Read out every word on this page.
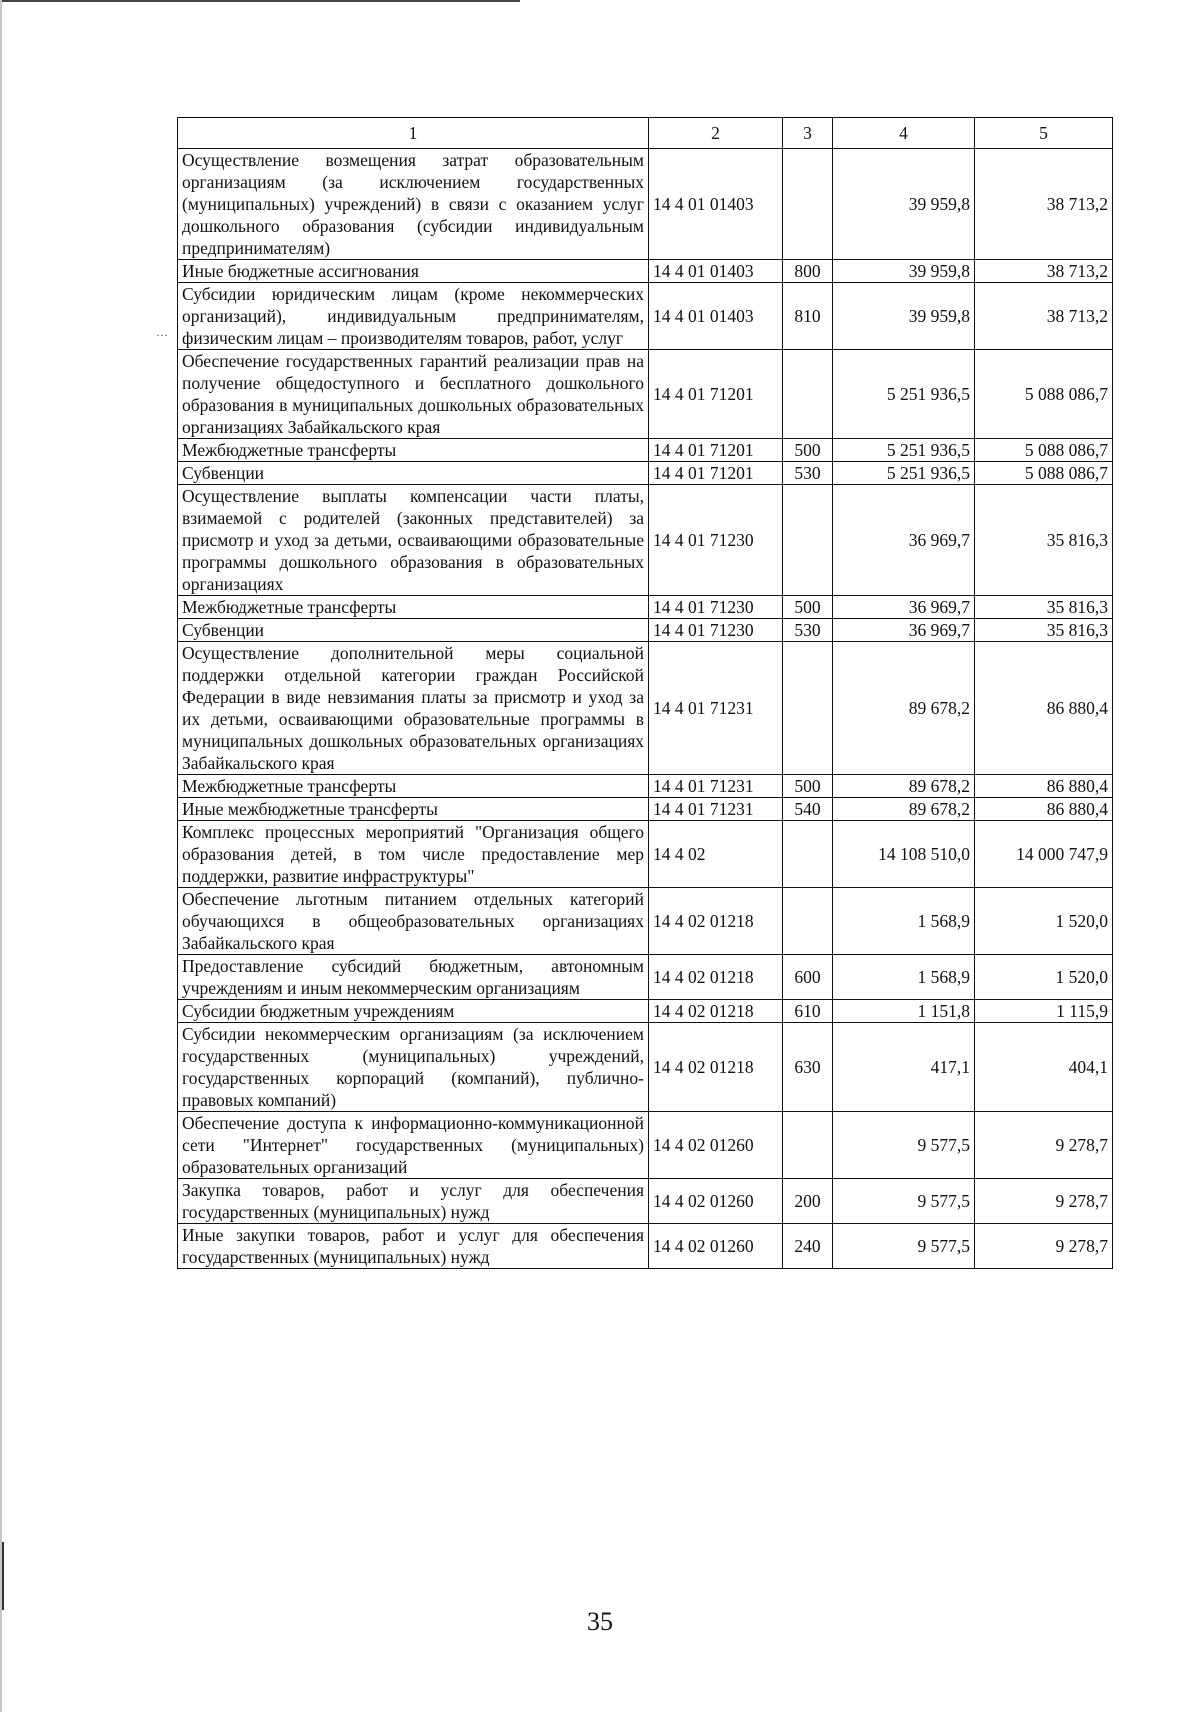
···
1	2	3	4	5
Осуществление возмещения затрат образовательным организациям (за исключением государственных (муниципальных) учреждений) в связи с оказанием услуг дошкольного образования (субсидии индивидуальным предпринимателям)	14 4 01 01403		39 959,8	38 713,2
Иные бюджетные ассигнования	14 4 01 01403	800	39 959,8	38 713,2
Субсидии юридическим лицам (кроме некоммерческих организаций), индивидуальным предпринимателям, физическим лицам – производителям товаров, работ, услуг	14 4 01 01403	810	39 959,8	38 713,2
Обеспечение государственных гарантий реализации прав на получение общедоступного и бесплатного дошкольного образования в муниципальных дошкольных образовательных организациях Забайкальского края	14 4 01 71201		5 251 936,5	5 088 086,7
Межбюджетные трансферты	14 4 01 71201	500	5 251 936,5	5 088 086,7
Субвенции	14 4 01 71201	530	5 251 936,5	5 088 086,7
Осуществление выплаты компенсации части платы, взимаемой с родителей (законных представителей) за присмотр и уход за детьми, осваивающими образовательные программы дошкольного образования в образовательных организациях	14 4 01 71230		36 969,7	35 816,3
Межбюджетные трансферты	14 4 01 71230	500	36 969,7	35 816,3
Субвенции	14 4 01 71230	530	36 969,7	35 816,3
Осуществление дополнительной меры социальной поддержки отдельной категории граждан Российской Федерации в виде невзимания платы за присмотр и уход за их детьми, осваивающими образовательные программы в муниципальных дошкольных образовательных организациях Забайкальского края	14 4 01 71231		89 678,2	86 880,4
Межбюджетные трансферты	14 4 01 71231	500	89 678,2	86 880,4
Иные межбюджетные трансферты	14 4 01 71231	540	89 678,2	86 880,4
Комплекс процессных мероприятий "Организация общего образования детей, в том числе предоставление мер поддержки, развитие инфраструктуры"	14 4 02		14 108 510,0	14 000 747,9
Обеспечение льготным питанием отдельных категорий обучающихся в общеобразовательных организациях Забайкальского края	14 4 02 01218		1 568,9	1 520,0
Предоставление субсидий бюджетным, автономным учреждениям и иным некоммерческим организациям	14 4 02 01218	600	1 568,9	1 520,0
Субсидии бюджетным учреждениям	14 4 02 01218	610	1 151,8	1 115,9
Субсидии некоммерческим организациям (за исключением государственных (муниципальных) учреждений, государственных корпораций (компаний), публично-правовых компаний)	14 4 02 01218	630	417,1	404,1
Обеспечение доступа к информационно-коммуникационной сети "Интернет" государственных (муниципальных) образовательных организаций	14 4 02 01260		9 577,5	9 278,7
Закупка товаров, работ и услуг для обеспечения государственных (муниципальных) нужд	14 4 02 01260	200	9 577,5	9 278,7
Иные закупки товаров, работ и услуг для обеспечения государственных (муниципальных) нужд	14 4 02 01260	240	9 577,5	9 278,7
35
